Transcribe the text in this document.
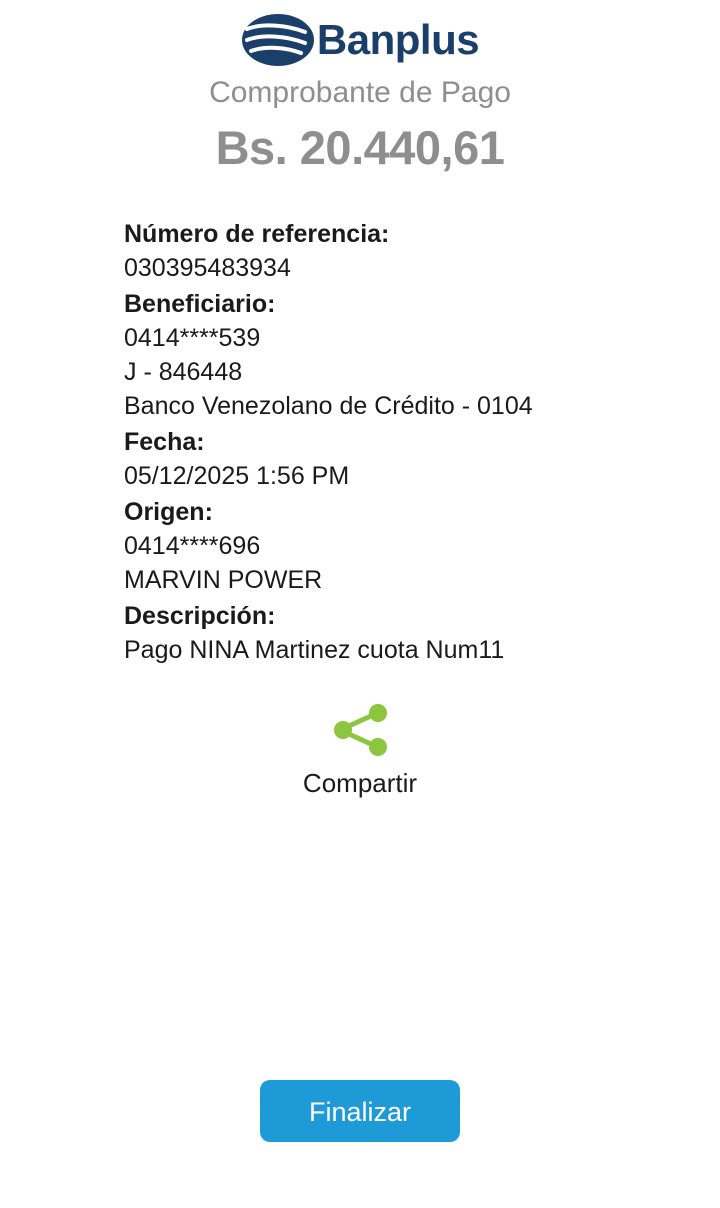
Banplus
Comprobante de Pago
Bs. 20.440,61
Número de referencia:
030395483934
Beneficiario:
0414****539
J - 846448
Banco Venezolano de Crédito - 0104
Fecha:
05/12/2025 1:56 PM
Origen:
0414****696
MARVIN POWER
Descripción:
Pago NINA Martinez cuota Num11
Compartir
Finalizar
